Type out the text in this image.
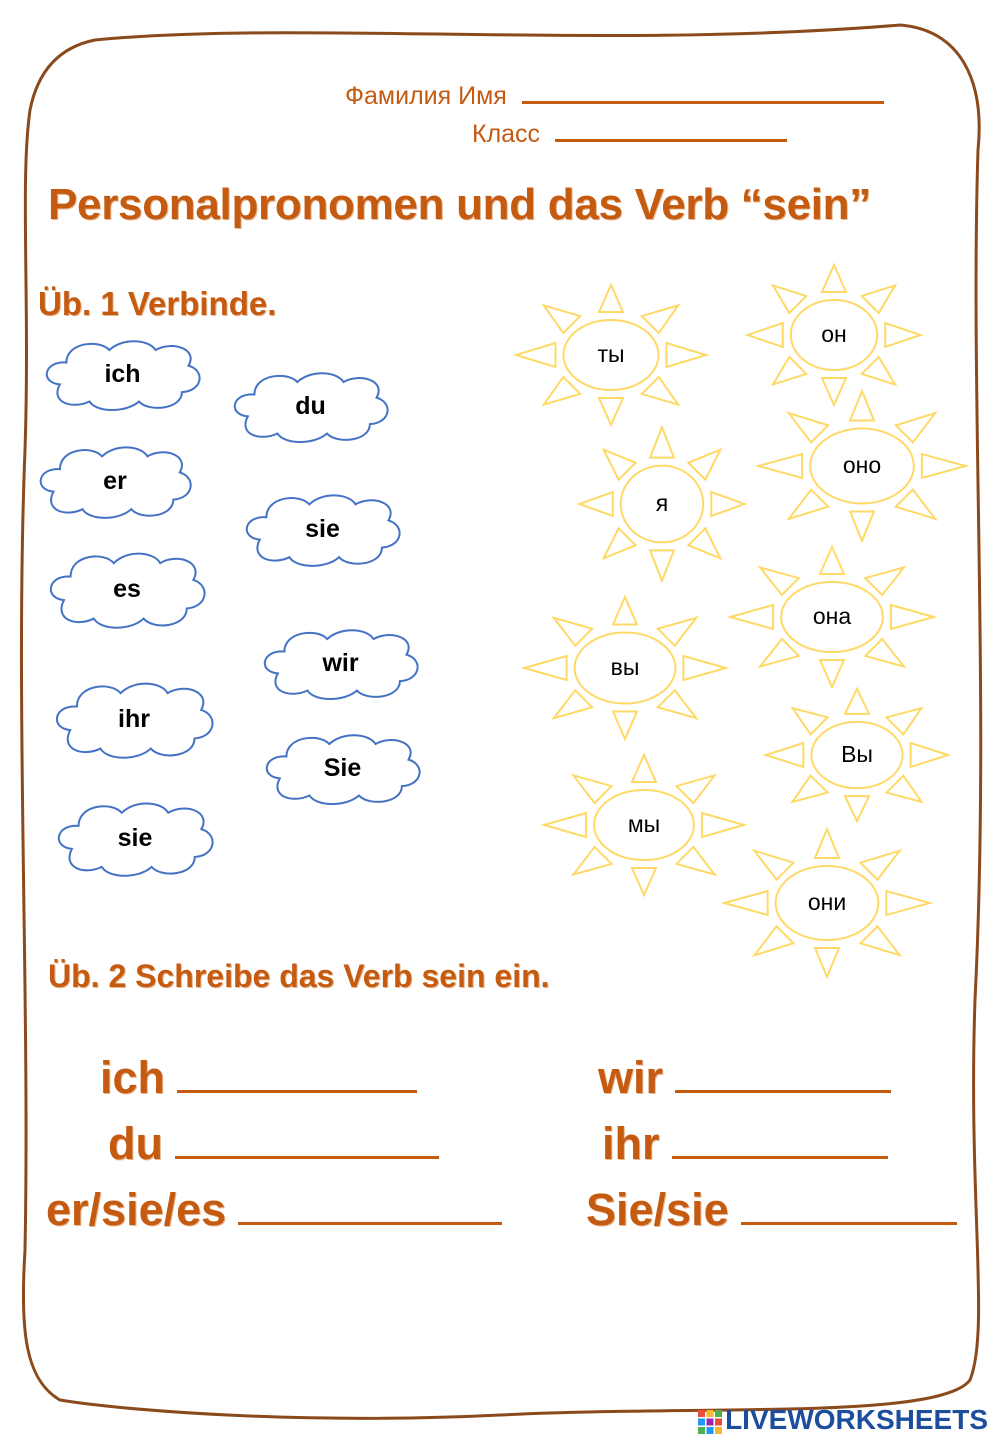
Фамилия Имя
Класс
Personalpronomen und das Verb “sein”
Üb. 1 Verbinde.
ich
du
er
sie
es
wir
ihr
Sie
sie
ты
он
я
оно
вы
она
Вы
мы
они
Üb. 2 Schreibe das Verb sein ein.
ich
du
er/sie/es
wir
ihr
Sie/sie
LIVEWORKSHEETS
